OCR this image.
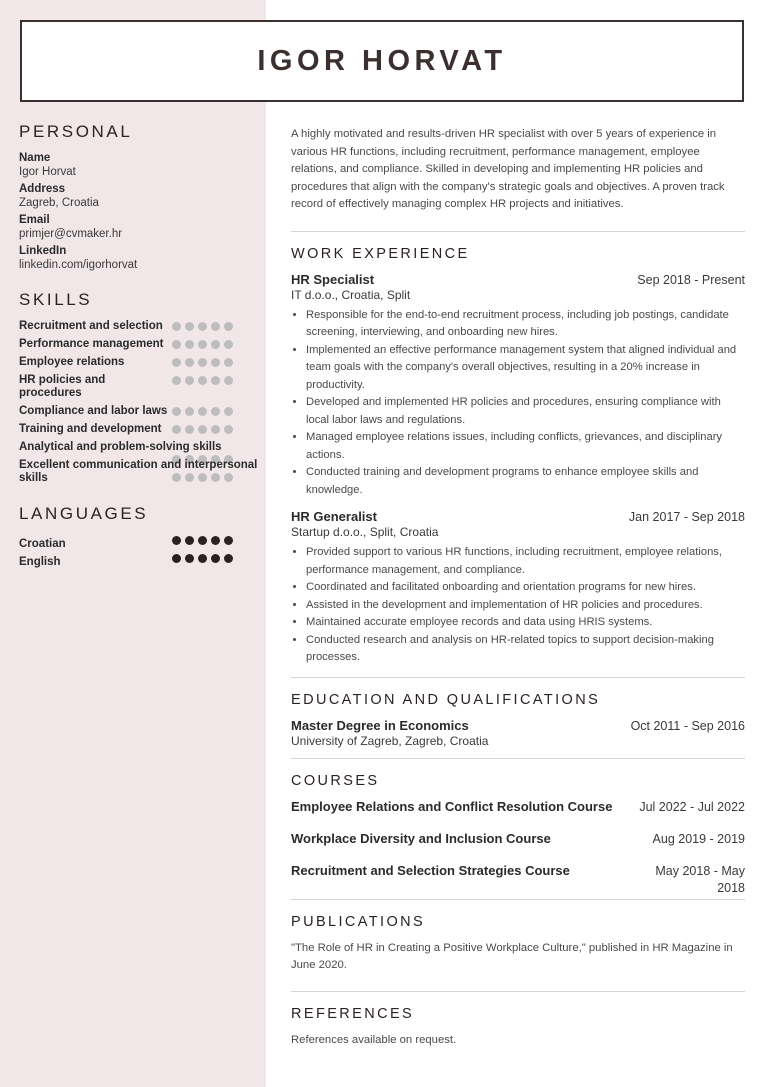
IGOR HORVAT
PERSONAL
Name
Igor Horvat
Address
Zagreb, Croatia
Email
primjer@cvmaker.hr
LinkedIn
linkedin.com/igorhorvat
SKILLS
Recruitment and selection
Performance management
Employee relations
HR policies and procedures
Compliance and labor laws
Training and development
Analytical and problem-solving skills
Excellent communication and interpersonal skills
LANGUAGES
Croatian
English

A highly motivated and results-driven HR specialist with over 5 years of experience in various HR functions, including recruitment, performance management, employee relations, and compliance. Skilled in developing and implementing HR policies and procedures that align with the company's strategic goals and objectives. A proven track record of effectively managing complex HR projects and initiatives.

WORK EXPERIENCE
HR Specialist	Sep 2018 - Present
IT d.o.o., Croatia, Split
• Responsible for the end-to-end recruitment process, including job postings, candidate screening, interviewing, and onboarding new hires.
• Implemented an effective performance management system that aligned individual and team goals with the company's overall objectives, resulting in a 20% increase in productivity.
• Developed and implemented HR policies and procedures, ensuring compliance with local labor laws and regulations.
• Managed employee relations issues, including conflicts, grievances, and disciplinary actions.
• Conducted training and development programs to enhance employee skills and knowledge.
HR Generalist	Jan 2017 - Sep 2018
Startup d.o.o., Split, Croatia
• Provided support to various HR functions, including recruitment, employee relations, performance management, and compliance.
• Coordinated and facilitated onboarding and orientation programs for new hires.
• Assisted in the development and implementation of HR policies and procedures.
• Maintained accurate employee records and data using HRIS systems.
• Conducted research and analysis on HR-related topics to support decision-making processes.
EDUCATION AND QUALIFICATIONS
Master Degree in Economics	Oct 2011 - Sep 2016
University of Zagreb, Zagreb, Croatia
COURSES
Employee Relations and Conflict Resolution Course Jul 2022 - Jul 2022
Workplace Diversity and Inclusion Course	Aug 2019 - 2019
Recruitment and Selection Strategies Course	May 2018 - May 2018
PUBLICATIONS

"The Role of HR in Creating a Positive Workplace Culture," published in HR Magazine in June 2020.

REFERENCES

References available on request.
